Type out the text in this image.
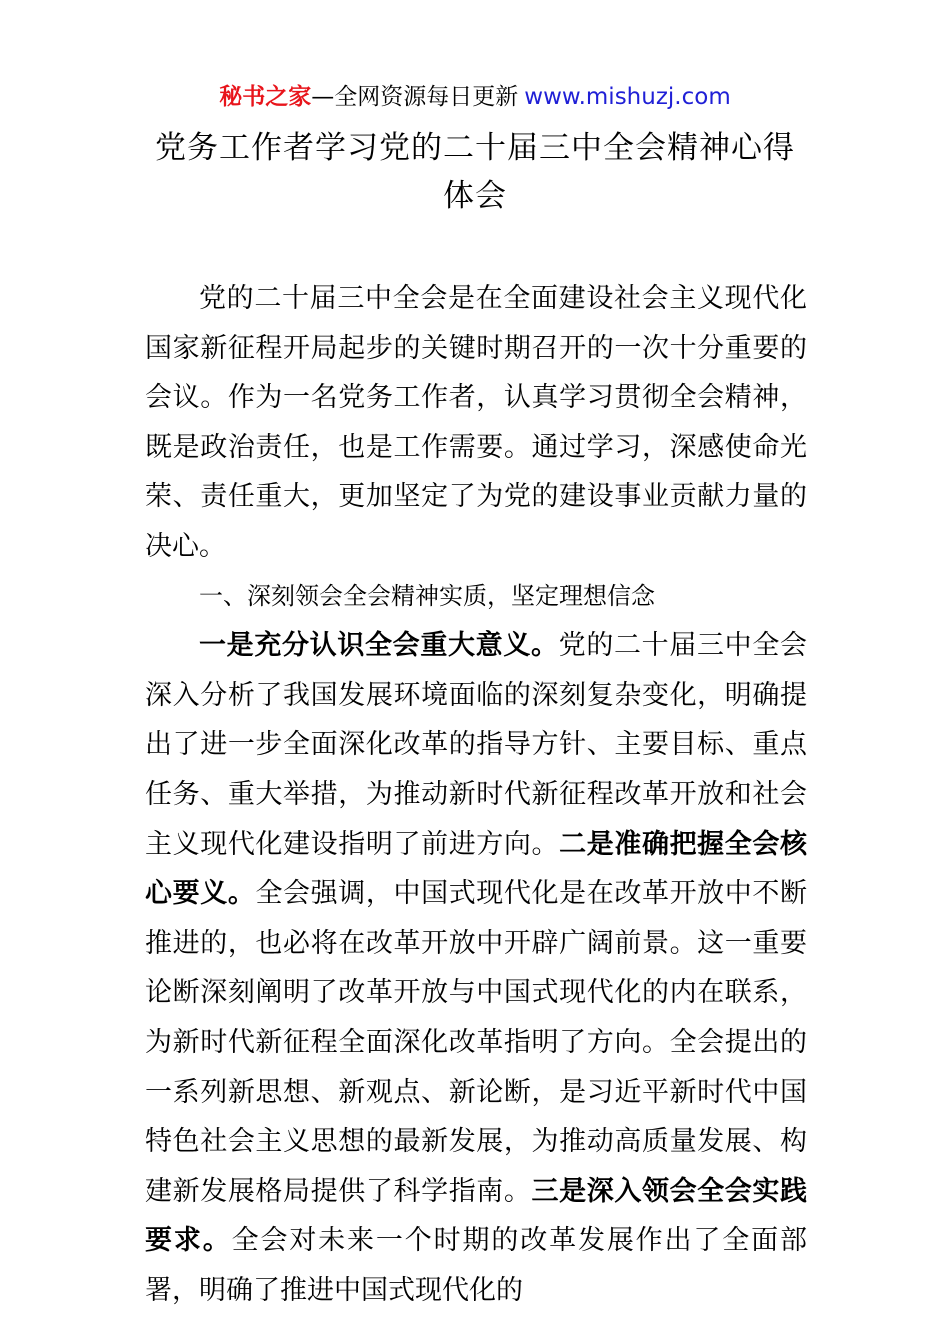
秘书之家—全网资源每日更新 www.mishuzj.com
党务工作者学习党的二十届三中全会精神心得体会

党的二十届三中全会是在全面建设社会主义现代化国家新征程开局起步的关键时期召开的一次十分重要的会议。作为一名党务工作者，认真学习贯彻全会精神，既是政治责任，也是工作需要。通过学习，深感使命光荣、责任重大，更加坚定了为党的建设事业贡献力量的决心。

一、深刻领会全会精神实质，坚定理想信念

一是充分认识全会重大意义。党的二十届三中全会深入分析了我国发展环境面临的深刻复杂变化，明确提出了进一步全面深化改革的指导方针、主要目标、重点任务、重大举措，为推动新时代新征程改革开放和社会主义现代化建设指明了前进方向。二是准确把握全会核心要义。全会强调，中国式现代化是在改革开放中不断推进的，也必将在改革开放中开辟广阔前景。这一重要论断深刻阐明了改革开放与中国式现代化的内在联系，为新时代新征程全面深化改革指明了方向。全会提出的一系列新思想、新观点、新论断，是习近平新时代中国特色社会主义思想的最新发展，为推动高质量发展、构建新发展格局提供了科学指南。三是深入领会全会实践要求。全会对未来一个时期的改革发展作出了全面部署，明确了推进中国式现代化的
